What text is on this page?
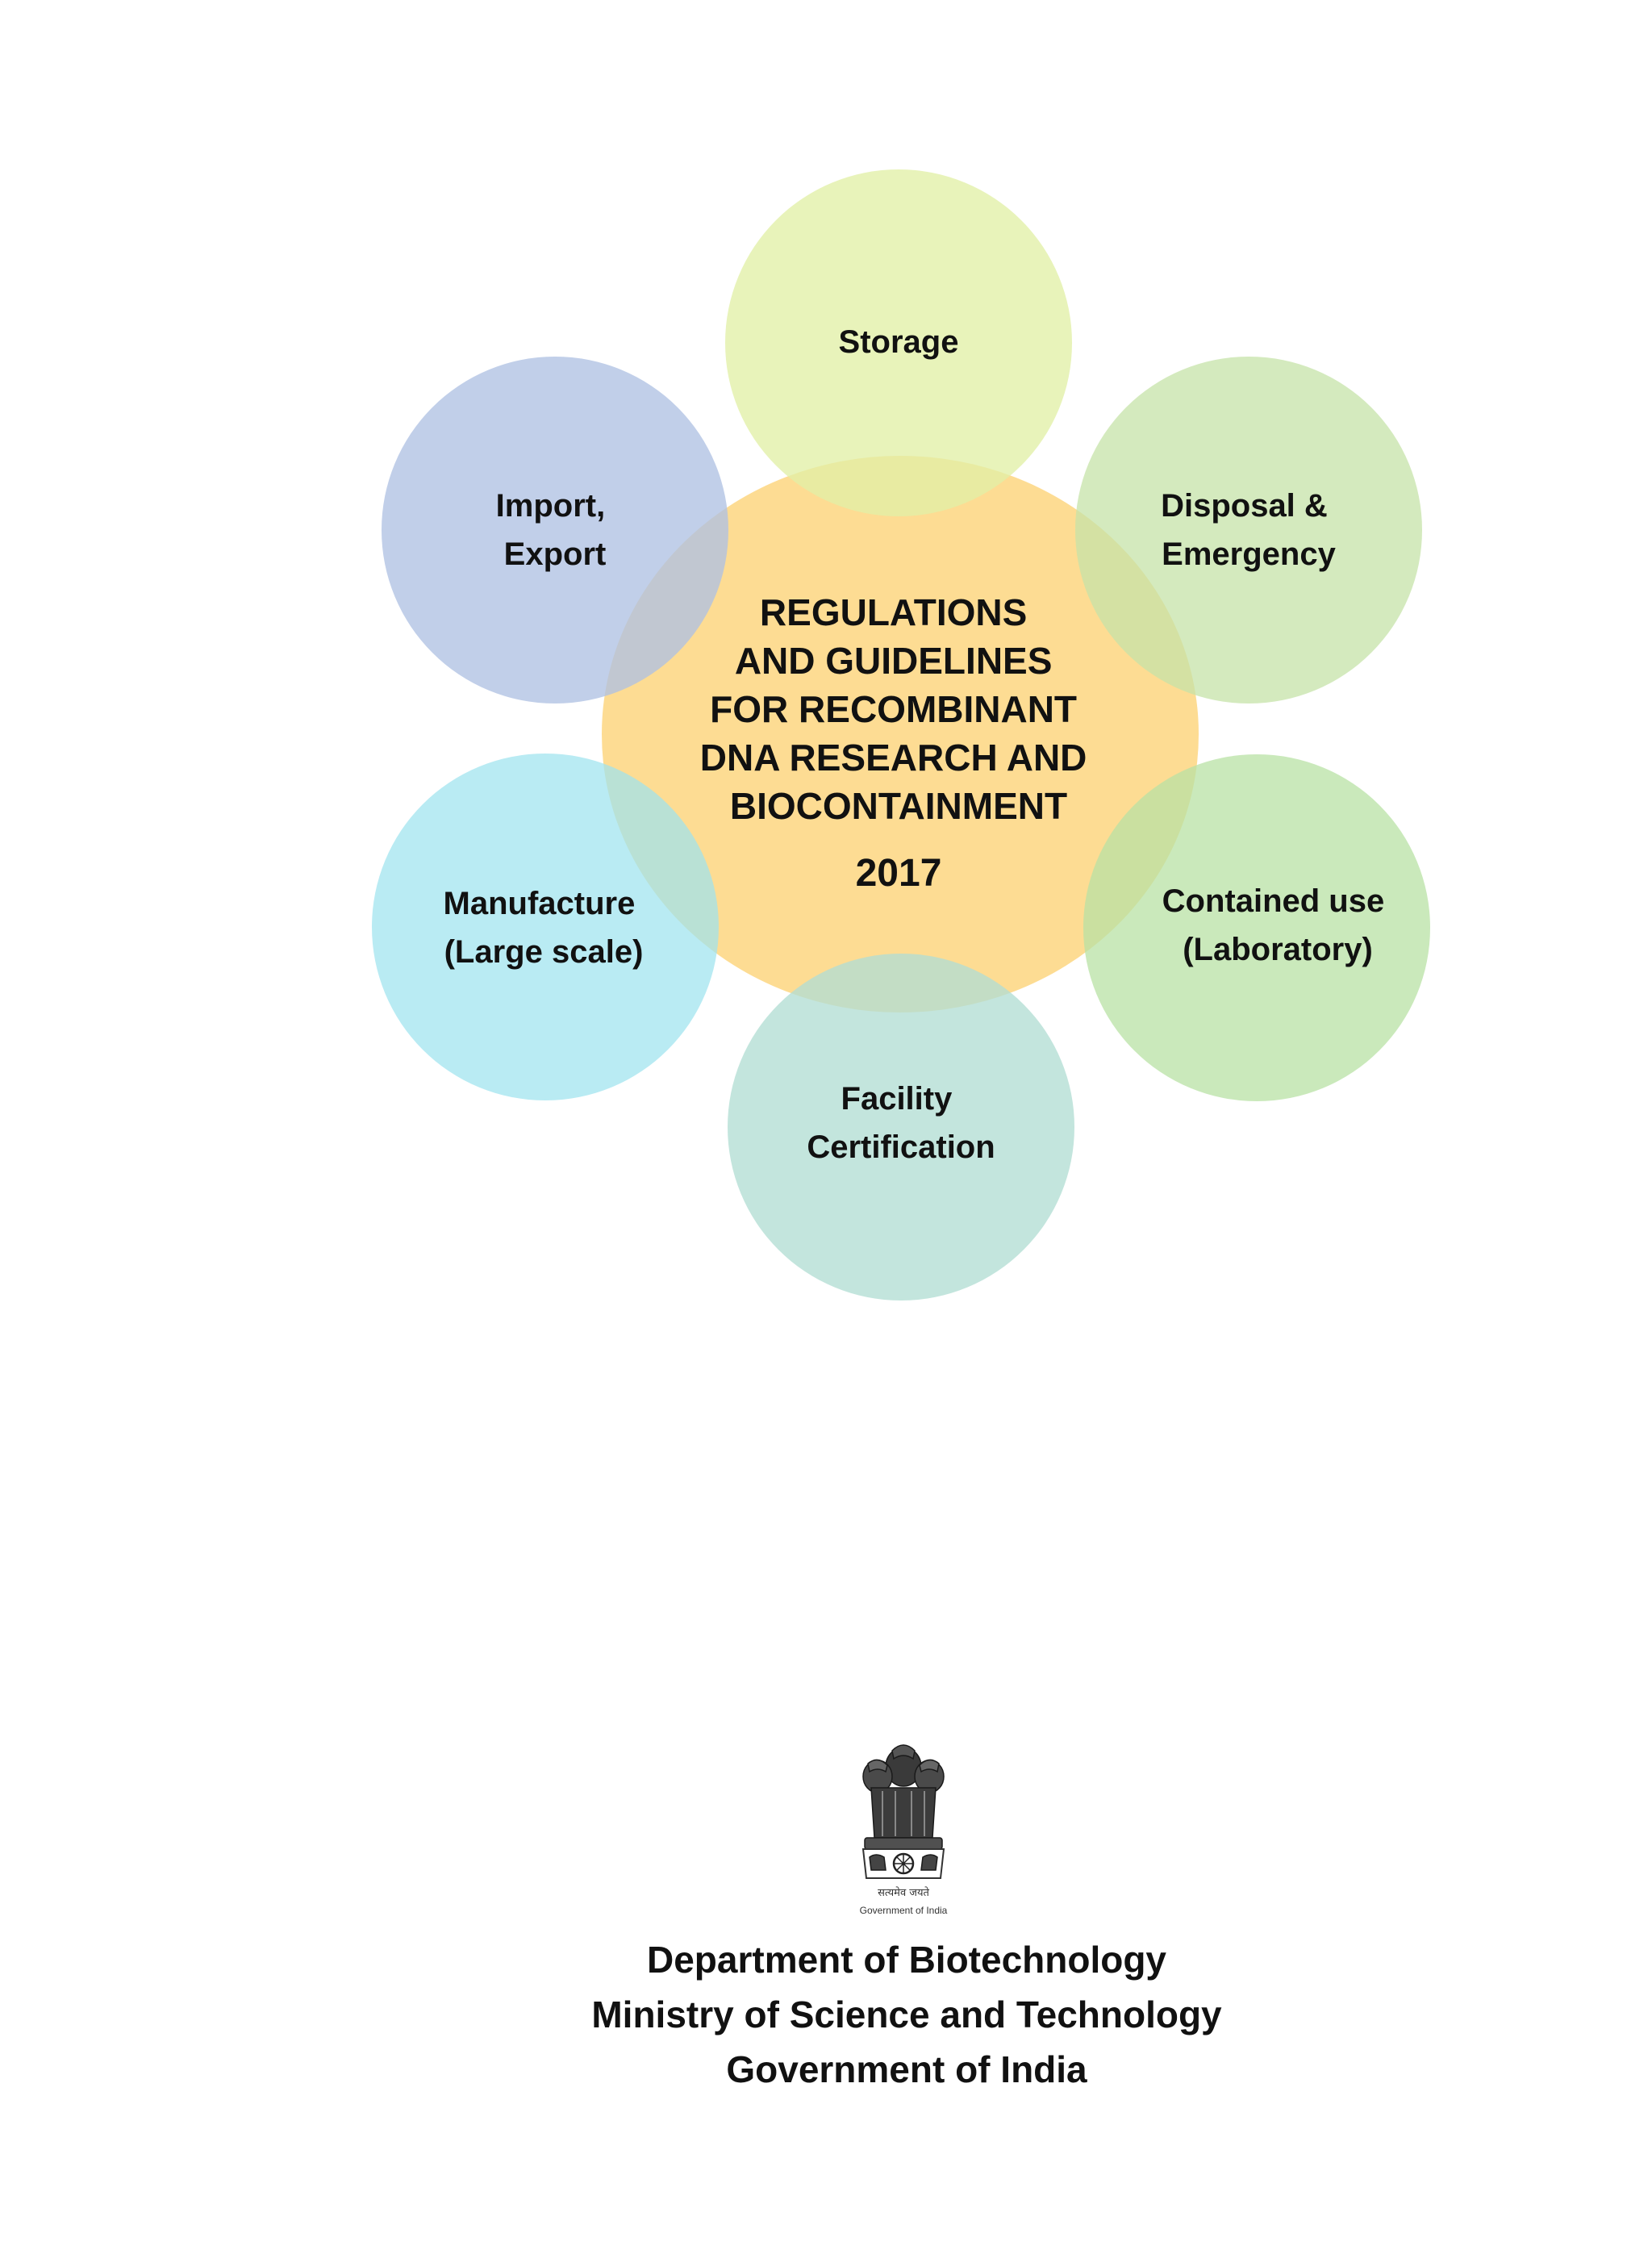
Storage
Disposal & Emergency
Contained use (Laboratory)
Facility Certification
Manufacture (Large scale)
Import, Export
REGULATIONS AND GUIDELINES FOR RECOMBINANT DNA RESEARCH AND BIOCONTAINMENT
2017
सत्यमेव जयते
Government of India
Department of Biotechnology
Ministry of Science and Technology
Government of India
